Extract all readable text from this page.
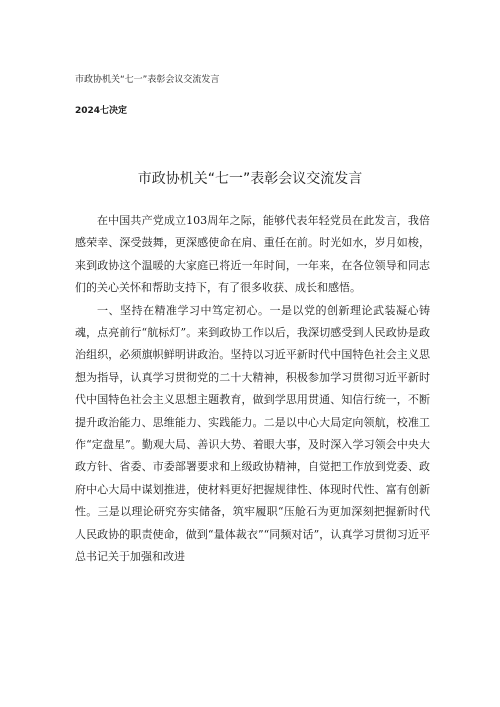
市政协机关“七一”表彰会议交流发言
2024七决定
市政协机关“七一”表彰会议交流发言

在中国共产党成立103周年之际，能够代表年轻党员在此发言，我倍感荣幸、深受鼓舞，更深感使命在肩、重任在前。时光如水，岁月如梭，来到政协这个温暖的大家庭已将近一年时间，一年来，在各位领导和同志们的关心关怀和帮助支持下，有了很多收获、成长和感悟。

一、坚持在精准学习中笃定初心。一是以党的创新理论武装凝心铸魂，点亮前行“航标灯”。来到政协工作以后，我深切感受到人民政协是政治组织，必须旗帜鲜明讲政治。坚持以习近平新时代中国特色社会主义思想为指导，认真学习贯彻党的二十大精神，积极参加学习贯彻习近平新时代中国特色社会主义思想主题教育，做到学思用贯通、知信行统一，不断提升政治能力、思维能力、实践能力。二是以中心大局定向领航，校准工作“定盘星”。勤观大局、善识大势、着眼大事，及时深入学习领会中央大政方针、省委、市委部署要求和上级政协精神，自觉把工作放到党委、政府中心大局中谋划推进，使材料更好把握规律性、体现时代性、富有创新性。三是以理论研究夯实储备，筑牢履职“压舱石为更加深刻把握新时代人民政协的职责使命，做到“量体裁衣”“同频对话”，认真学习贯彻习近平总书记关于加强和改进
